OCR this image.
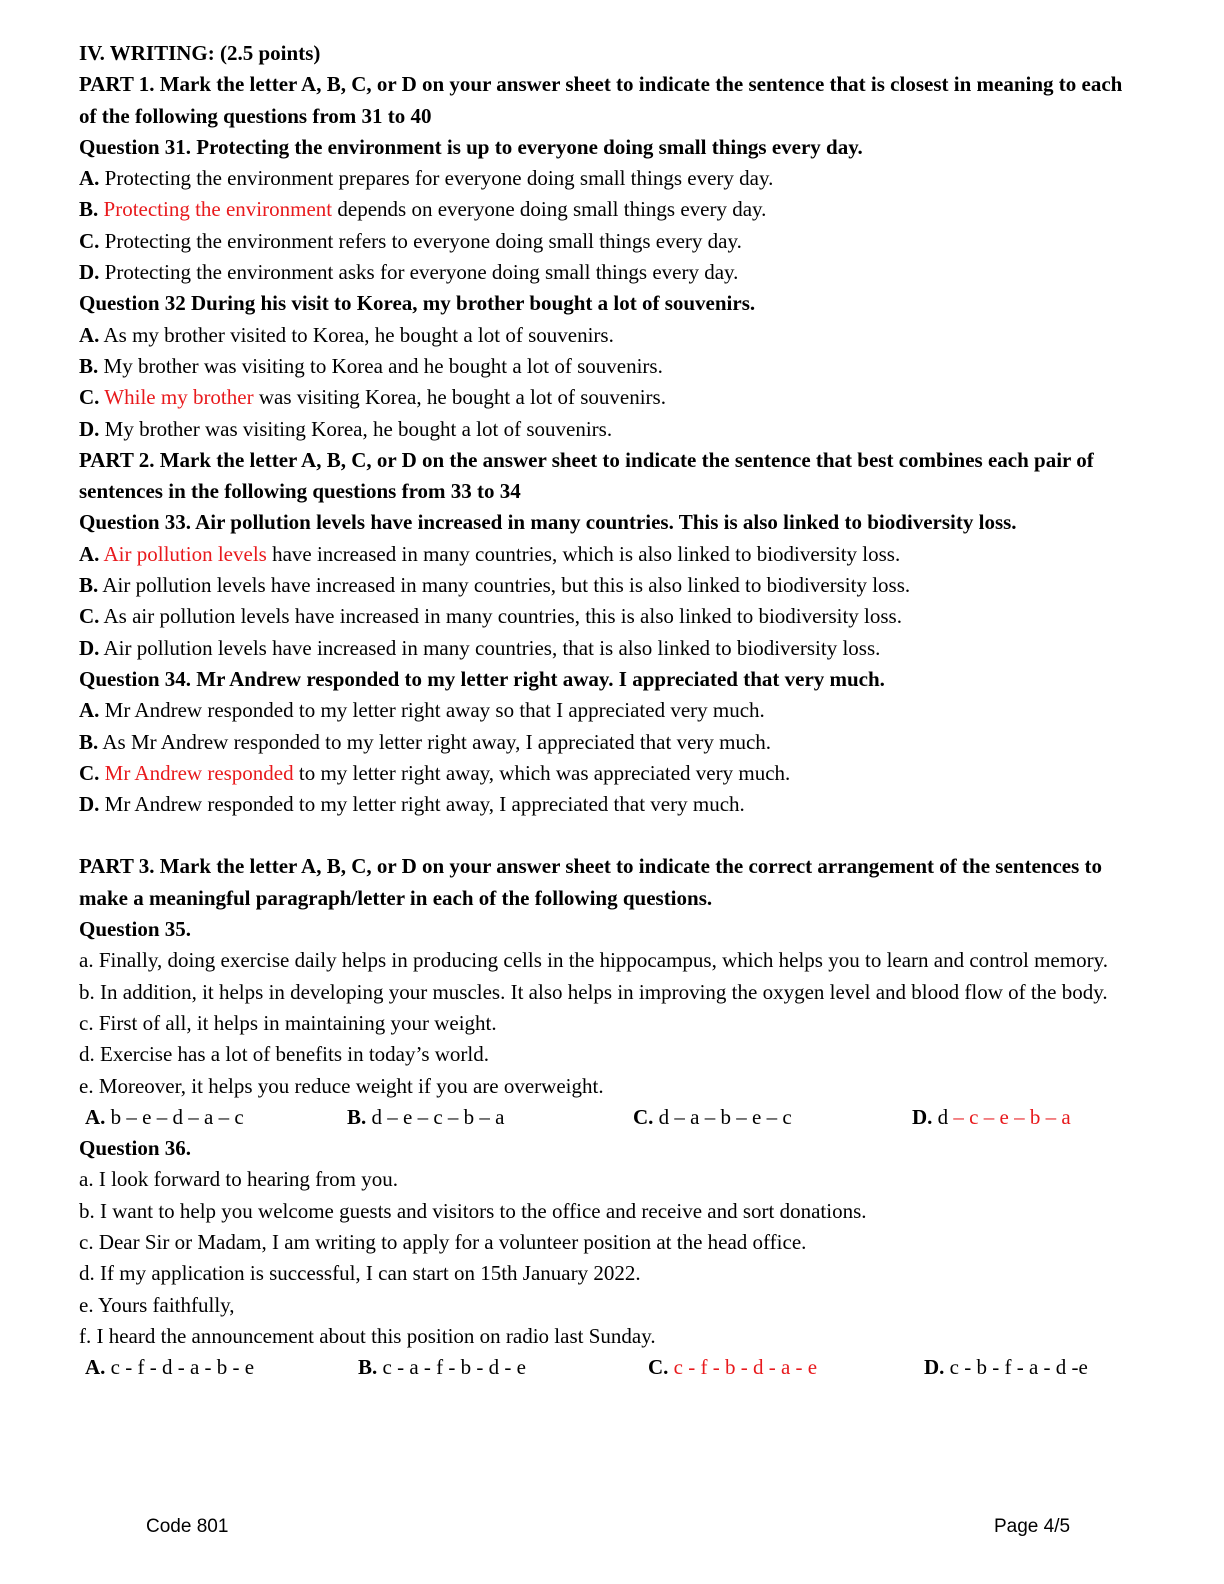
IV. WRITING: (2.5 points)
PART 1. Mark the letter A, B, C, or D on your answer sheet to indicate the sentence that is closest in meaning to each of the following questions from 31 to 40
Question 31. Protecting the environment is up to everyone doing small things every day.
A. Protecting the environment prepares for everyone doing small things every day.
B. Protecting the environment depends on everyone doing small things every day.
C. Protecting the environment refers to everyone doing small things every day.
D. Protecting the environment asks for everyone doing small things every day.
Question 32 During his visit to Korea, my brother bought a lot of souvenirs.
A. As my brother visited to Korea, he bought a lot of souvenirs.
B. My brother was visiting to Korea and he bought a lot of souvenirs.
C. While my brother was visiting Korea, he bought a lot of souvenirs.
D. My brother was visiting Korea, he bought a lot of souvenirs.
PART 2. Mark the letter A, B, C, or D on the answer sheet to indicate the sentence that best combines each pair of sentences in the following questions from 33 to 34
Question 33. Air pollution levels have increased in many countries. This is also linked to biodiversity loss.
A. Air pollution levels have increased in many countries, which is also linked to biodiversity loss.
B. Air pollution levels have increased in many countries, but this is also linked to biodiversity loss.
C. As air pollution levels have increased in many countries, this is also linked to biodiversity loss.
D. Air pollution levels have increased in many countries, that is also linked to biodiversity loss.
Question 34. Mr Andrew responded to my letter right away. I appreciated that very much.
A. Mr Andrew responded to my letter right away so that I appreciated very much.
B. As Mr Andrew responded to my letter right away, I appreciated that very much.
C. Mr Andrew responded to my letter right away, which was appreciated very much.
D. Mr Andrew responded to my letter right away, I appreciated that very much.
PART 3. Mark the letter A, B, C, or D on your answer sheet to indicate the correct arrangement of the sentences to make a meaningful paragraph/letter in each of the following questions.
Question 35.
a. Finally, doing exercise daily helps in producing cells in the hippocampus, which helps you to learn and control memory.
b. In addition, it helps in developing your muscles. It also helps in improving the oxygen level and blood flow of the body.
c. First of all, it helps in maintaining your weight.
d. Exercise has a lot of benefits in today’s world.
e. Moreover, it helps you reduce weight if you are overweight.
A. b – e – d – a – c	B. d – e – c – b – a	C. d – a – b – e – c	D. d – c – e – b – a
Question 36.
a. I look forward to hearing from you.
b. I want to help you welcome guests and visitors to the office and receive and sort donations.
c. Dear Sir or Madam, I am writing to apply for a volunteer position at the head office.
d. If my application is successful, I can start on 15th January 2022.
e. Yours faithfully,
f. I heard the announcement about this position on radio last Sunday.
A. c - f - d - a - b - e	B. c - a - f - b - d - e	C. c - f - b - d - a - e	D. c - b - f - a - d -e
Code 801	Page 4/5
